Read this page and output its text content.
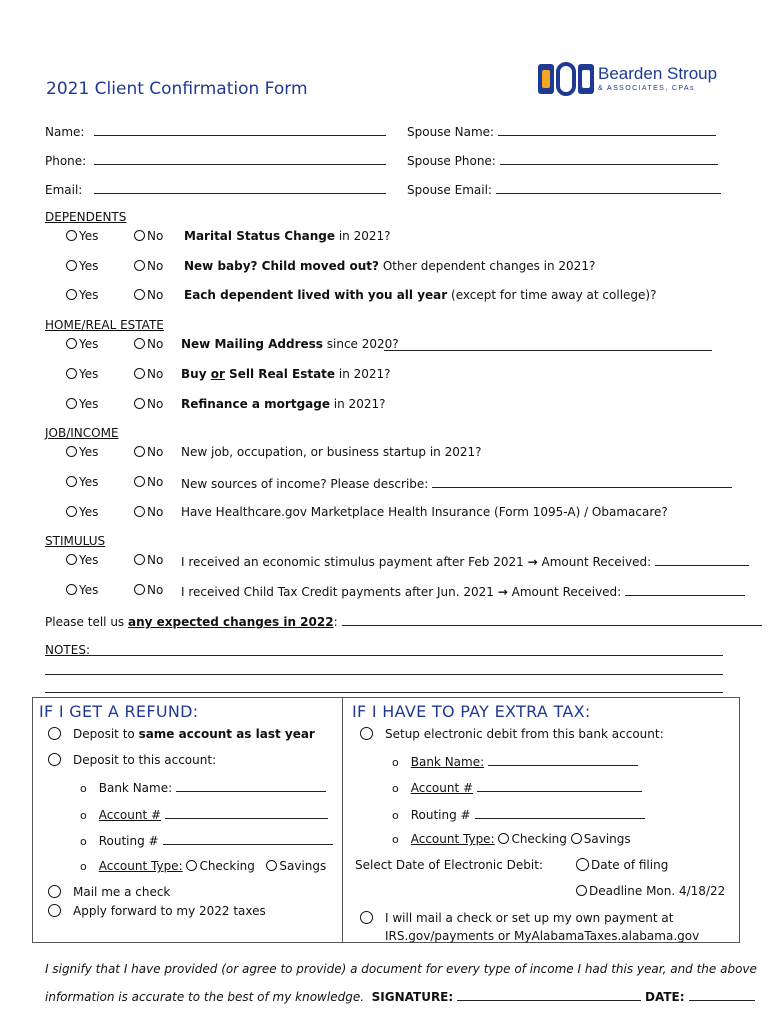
2021 Client Confirmation Form
Bearden Stroup
& ASSOCIATES, CPAs
Name:	Spouse Name:
Phone:	Spouse Phone:
Email:	Spouse Email:
DEPENDENTS
Yes	No Marital Status Change in 2021?
Yes	No New baby? Child moved out? Other dependent changes in 2021?
Yes	No Each dependent lived with you all year (except for time away at college)?
HOME/REAL ESTATE
Yes	No New Mailing Address since 2020?
Yes	No Buy or Sell Real Estate in 2021?
Yes	No Refinance a mortgage in 2021?
JOB/INCOME
Yes	No New job, occupation, or business startup in 2021?
Yes	No New sources of income? Please describe:
Yes	No Have Healthcare.gov Marketplace Health Insurance (Form 1095-A) / Obamacare?
STIMULUS
Yes	No I received an economic stimulus payment after Feb 2021 → Amount Received:
Yes	No I received Child Tax Credit payments after Jun. 2021 → Amount Received:
Please tell us any expected changes in 2022:
NOTES:
IF I GET A REFUND:	IF I HAVE TO PAY EXTRA TAX:
Deposit to same account as last year
Deposit to this account:
o Bank Name:
o Account #
o Routing #
o Account Type: Checking Savings
Mail me a check
Apply forward to my 2022 taxes
Setup electronic debit from this bank account:
o Bank Name:
o Account #
o Routing #
o Account Type: Checking Savings
Select Date of Electronic Debit:	Date of filing
Deadline Mon. 4/18/22
I will mail a check or set up my own payment at
IRS.gov/payments or MyAlabamaTaxes.alabama.gov
I signify that I have provided (or agree to provide) a document for every type of income I had this year, and the above
information is accurate to the best of my knowledge. SIGNATURE:	DATE:
